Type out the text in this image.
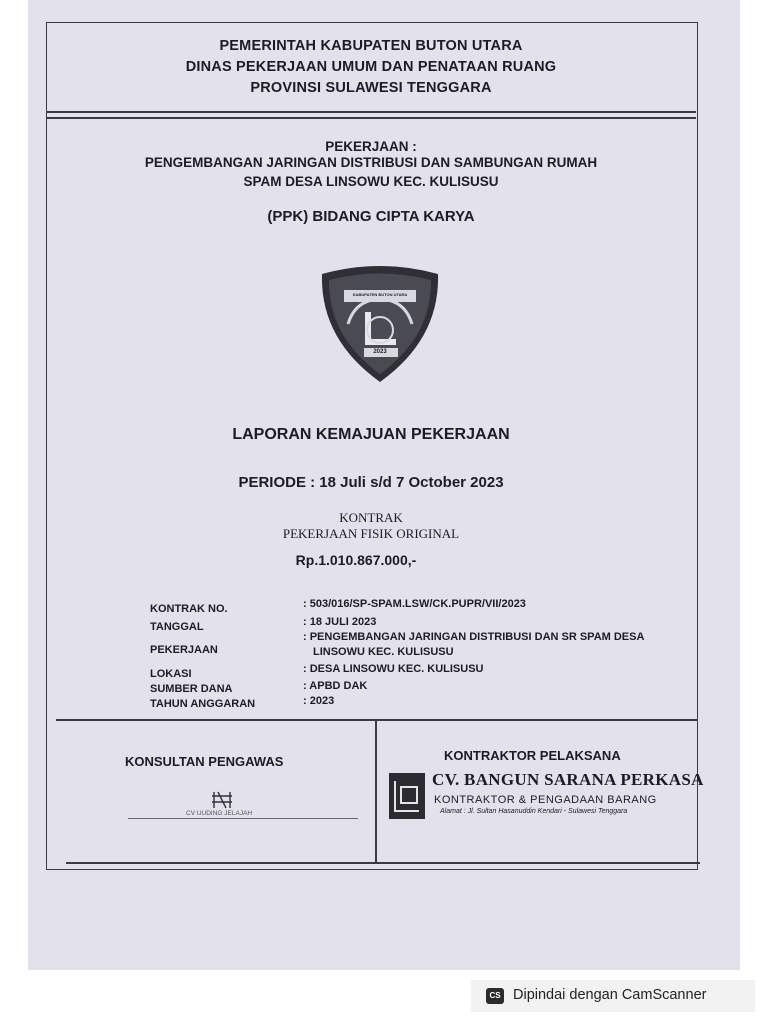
PEMERINTAH KABUPATEN BUTON UTARA
DINAS PEKERJAAN UMUM DAN PENATAAN RUANG
PROVINSI SULAWESI TENGGARA
PEKERJAAN :
PENGEMBANGAN JARINGAN DISTRIBUSI DAN SAMBUNGAN RUMAH
SPAM DESA LINSOWU KEC. KULISUSU
(PPK) BIDANG CIPTA KARYA
KABUPATEN BUTON UTARA
2023
LAPORAN KEMAJUAN PEKERJAAN
PERIODE : 18 Juli s/d 7 October 2023
KONTRAK
PEKERJAAN FISIK ORIGINAL
Rp.1.010.867.000,-
KONTRAK NO.	: 503/016/SP-SPAM.LSW/CK.PUPR/VII/2023
TANGGAL	: 18 JULI 2023
PEKERJAAN
: PENGEMBANGAN JARINGAN DISTRIBUSI DAN SR SPAM DESA
LINSOWU KEC. KULISUSU
LOKASI	: DESA LINSOWU KEC. KULISUSU
SUMBER DANA	: APBD DAK
TAHUN ANGGARAN	: 2023
KONSULTAN PENGAWAS
CV UUDING JELAJAH
KONTRAKTOR PELAKSANA
CV. BANGUN SARANA PERKASA
KONTRAKTOR & PENGADAAN BARANG
Alamat : Jl. Sultan Hasanuddin Kendari - Sulawesi Tenggara
CS Dipindai dengan CamScanner
